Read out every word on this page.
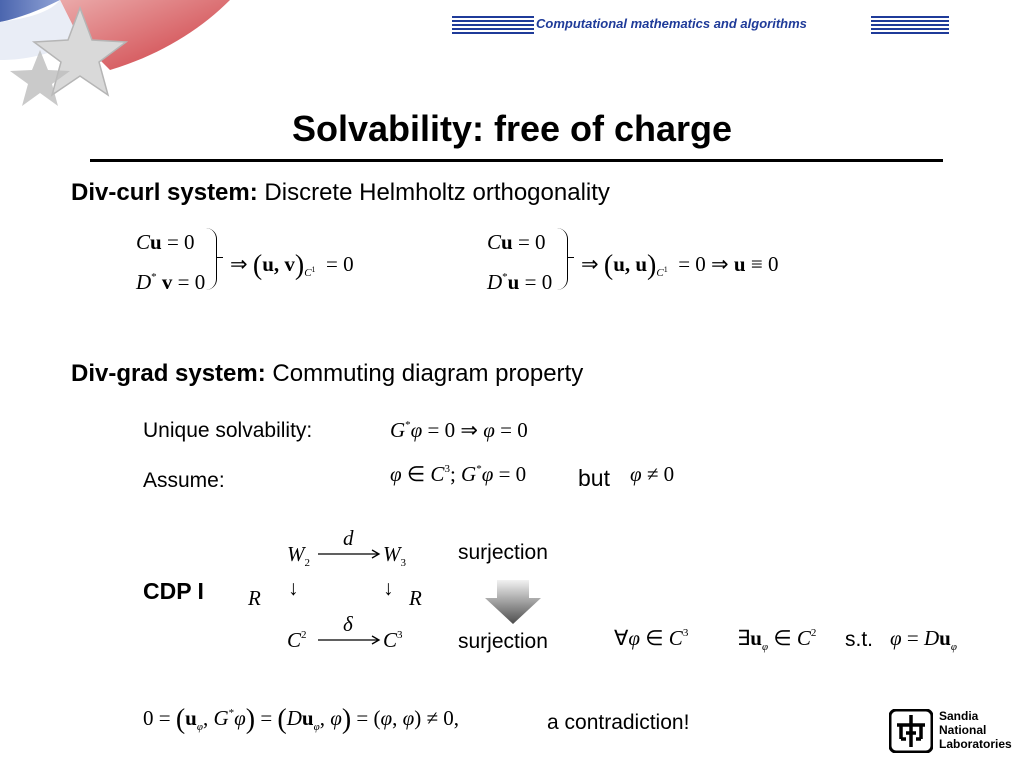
Computational mathematics and algorithms
Solvability: free of charge
Div-curl system: Discrete Helmholtz orthogonality
Cu = 0
D* v = 0
⇒ (u, $v)_{C^1} = 0$
Cu = 0
D*u = 0
⇒ (u, $u)_{C^1} = 0$ ⇒ u ≡ 0
Div-grad system: Commuting diagram property
Unique solvability:	G*φ = 0 ⇒ φ = 0
Assume:	φ ∈ $C^3$; G*φ = 0 but φ ≠ 0
CDP I
$W_2$
d
$W_3$ surjection
R ↓	↓ R
$C^2$ δ
$C^3$	surjection	∀φ ∈ $C^3$ $\exists u_\varphi$ ∈ $C^2$ s.t. $\varphi = Du_\varphi$
$0 = (u_\varphi$, $G^*\varphi) = (Du_\varphi$, φ) = (φ, φ) ≠ 0,	a contradiction!	Sandia
National
Laboratories
